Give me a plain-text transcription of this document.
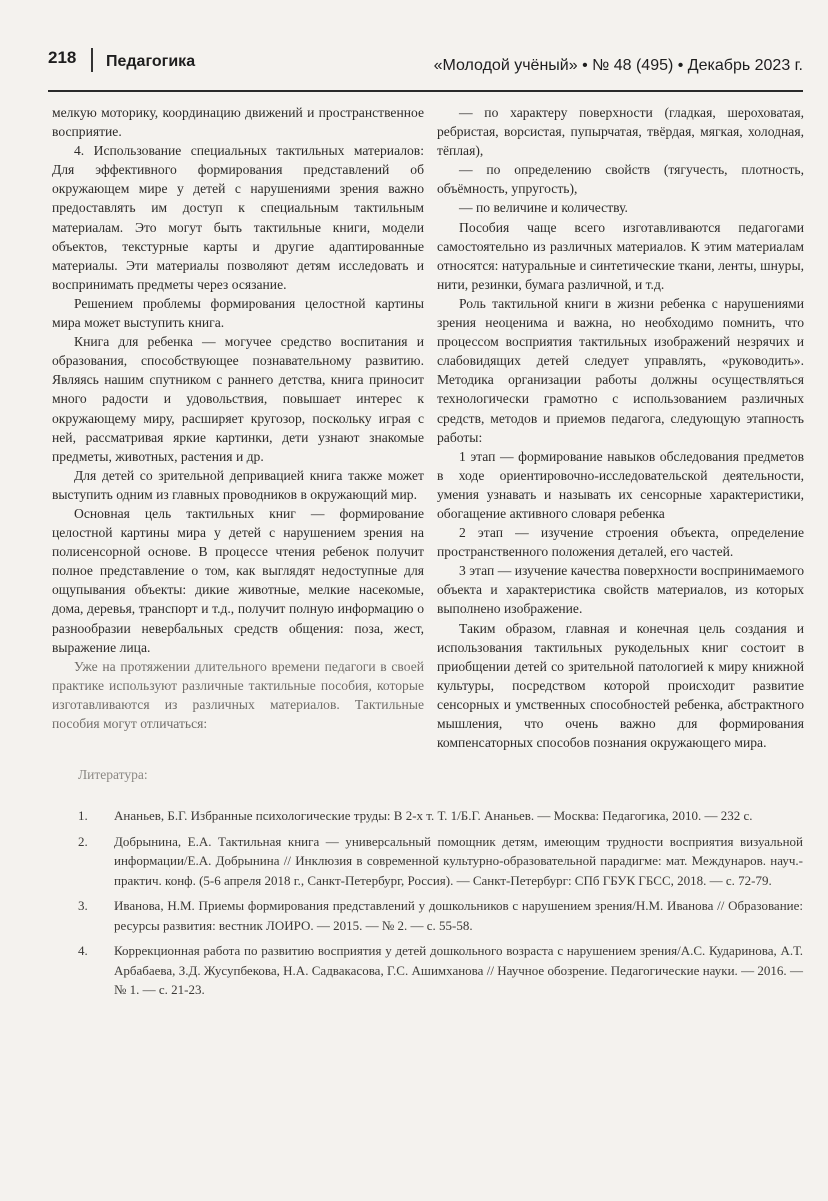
218 Педагогика	«Молодой учёный» • № 48 (495) • Декабрь 2023 г.

мелкую моторику, координацию движений и пространственное восприятие.

4. Использование специальных тактильных материалов: Для эффективного формирования представлений об окружающем мире у детей с нарушениями зрения важно предоставлять им доступ к специальным тактильным материалам. Это могут быть тактильные книги, модели объектов, текстурные карты и другие адаптированные материалы. Эти материалы позволяют детям исследовать и воспринимать предметы через осязание.

Решением проблемы формирования целостной картины мира может выступить книга.

Книга для ребенка — могучее средство воспитания и образования, способствующее познавательному развитию. Являясь нашим спутником с раннего детства, книга приносит много радости и удовольствия, повышает интерес к окружающему миру, расширяет кругозор, поскольку играя с ней, рассматривая яркие картинки, дети узнают знакомые предметы, животных, растения и др.

Для детей со зрительной депривацией книга также может выступить одним из главных проводников в окружающий мир.

Основная цель тактильных книг — формирование целостной картины мира у детей с нарушением зрения на полисенсорной основе. В процессе чтения ребенок получит полное представление о том, как выглядят недоступные для ощупывания объекты: дикие животные, мелкие насекомые, дома, деревья, транспорт и т.д., получит полную информацию о разнообразии невербальных средств общения: поза, жест, выражение лица.

Уже на протяжении длительного времени педагоги в своей практике используют различные тактильные пособия, которые изготавливаются из различных материалов. Тактильные пособия могут отличаться:

— по характеру поверхности (гладкая, шероховатая, ребристая, ворсистая, пупырчатая, твёрдая, мягкая, холодная, тёплая),

— по определению свойств (тягучесть, плотность, объёмность, упругость),

— по величине и количеству.

Пособия чаще всего изготавливаются педагогами самостоятельно из различных материалов. К этим материалам относятся: натуральные и синтетические ткани, ленты, шнуры, нити, резинки, бумага различной, и т.д.

Роль тактильной книги в жизни ребенка с нарушениями зрения неоценима и важна, но необходимо помнить, что процессом восприятия тактильных изображений незрячих и слабовидящих детей следует управлять, «руководить». Методика организации работы должны осуществляться технологически грамотно с использованием различных средств, методов и приемов педагога, следующую этапность работы:

1 этап — формирование навыков обследования предметов в ходе ориентировочно-исследовательской деятельности, умения узнавать и называть их сенсорные характеристики, обогащение активного словаря ребенка

2 этап — изучение строения объекта, определение пространственного положения деталей, его частей.

3 этап — изучение качества поверхности воспринимаемого объекта и характеристика свойств материалов, из которых выполнено изображение.

Таким образом, главная и конечная цель создания и использования тактильных рукодельных книг состоит в приобщении детей со зрительной патологией к миру книжной культуры, посредством которой происходит развитие сенсорных и умственных способностей ребенка, абстрактного мышления, что очень важно для формирования компенсаторных способов познания окружающего мира.

Литература:
1.	Ананьев, Б.Г. Избранные психологические труды: В 2-х т. Т. 1/Б.Г. Ананьев. — Москва: Педагогика, 2010. — 232 с.
2.	Добрынина, Е.А. Тактильная книга — универсальный помощник детям, имеющим трудности восприятия визуальной информации/Е.А. Добрынина // Инклюзия в современной культурно-образовательной парадигме: мат. Междунаров. науч.-практич. конф. (5-6 апреля 2018 г., Санкт-Петербург, Россия). — Санкт-Петербург: СПб ГБУК ГБСС, 2018. — с. 72-79.
3.	Иванова, Н.М. Приемы формирования представлений у дошкольников с нарушением зрения/Н.М. Иванова // Образование: ресурсы развития: вестник ЛОИРО. — 2015. — № 2. — с. 55-58.
4.	Коррекционная работа по развитию восприятия у детей дошкольного возраста с нарушением зрения/А.С. Кударинова, А.Т. Арбабаева, З.Д. Жусупбекова, Н.А. Садвакасова, Г.С. Ашимханова // Научное обозрение. Педагогические науки. — 2016. — № 1. — с. 21-23.
